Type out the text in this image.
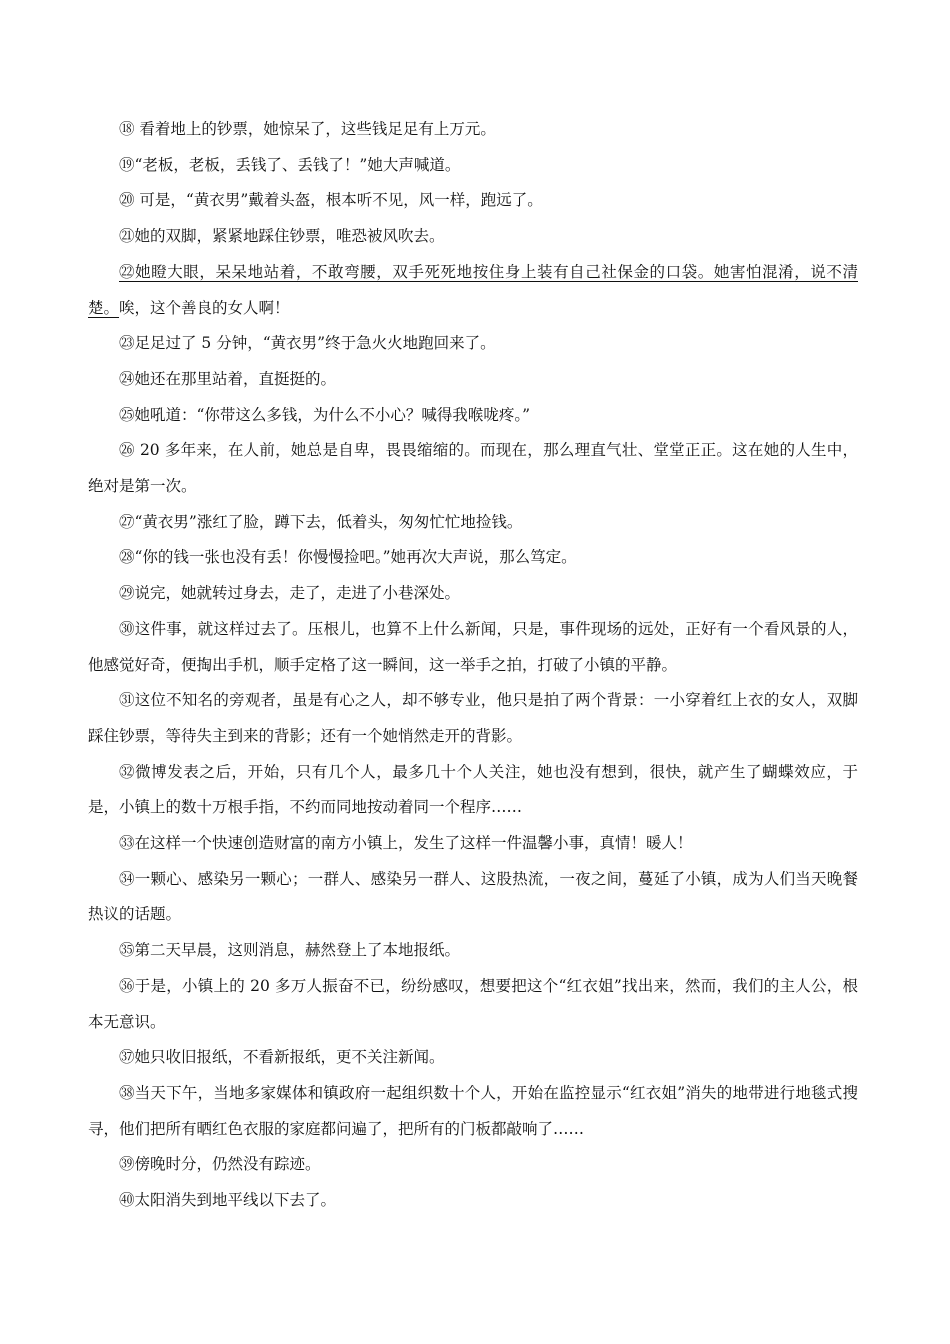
⑱ 看着地上的钞票，她惊呆了，这些钱足足有上万元。

⑲“老板，老板，丢钱了、丢钱了！”她大声喊道。

⑳ 可是，“黄衣男”戴着头盔，根本听不见，风一样，跑远了。

㉑她的双脚，紧紧地踩住钞票，唯恐被风吹去。

㉒她瞪大眼，呆呆地站着，不敢弯腰，双手死死地按住身上装有自己社保金的口袋。她害怕混淆，说不清楚。唉，这个善良的女人啊！

㉓足足过了 5 分钟，“黄衣男”终于急火火地跑回来了。

㉔她还在那里站着，直挺挺的。

㉕她吼道：“你带这么多钱，为什么不小心？喊得我喉咙疼。”

㉖ 20 多年来，在人前，她总是自卑，畏畏缩缩的。而现在，那么理直气壮、堂堂正正。这在她的人生中，绝对是第一次。

㉗“黄衣男”涨红了脸，蹲下去，低着头，匆匆忙忙地捡钱。

㉘“你的钱一张也没有丢！你慢慢捡吧。”她再次大声说，那么笃定。

㉙说完，她就转过身去，走了，走进了小巷深处。

㉚这件事，就这样过去了。压根儿，也算不上什么新闻，只是，事件现场的远处，正好有一个看风景的人，他感觉好奇，便掏出手机，顺手定格了这一瞬间，这一举手之拍，打破了小镇的平静。

㉛这位不知名的旁观者，虽是有心之人，却不够专业，他只是拍了两个背景：一小穿着红上衣的女人，双脚踩住钞票，等待失主到来的背影；还有一个她悄然走开的背影。

㉜微博发表之后，开始，只有几个人，最多几十个人关注，她也没有想到，很快，就产生了蝴蝶效应，于是，小镇上的数十万根手指，不约而同地按动着同一个程序……

㉝在这样一个快速创造财富的南方小镇上，发生了这样一件温馨小事，真情！暖人！

㉞一颗心、感染另一颗心；一群人、感染另一群人、这股热流，一夜之间，蔓延了小镇，成为人们当天晚餐热议的话题。

㉟第二天早晨，这则消息，赫然登上了本地报纸。

㊱于是，小镇上的 20 多万人振奋不已，纷纷感叹，想要把这个“红衣姐”找出来，然而，我们的主人公，根本无意识。

㊲她只收旧报纸，不看新报纸，更不关注新闻。

㊳当天下午，当地多家媒体和镇政府一起组织数十个人，开始在监控显示“红衣姐”消失的地带进行地毯式搜寻，他们把所有晒红色衣服的家庭都问遍了，把所有的门板都敲响了……

㊴傍晚时分，仍然没有踪迹。

㊵太阳消失到地平线以下去了。
